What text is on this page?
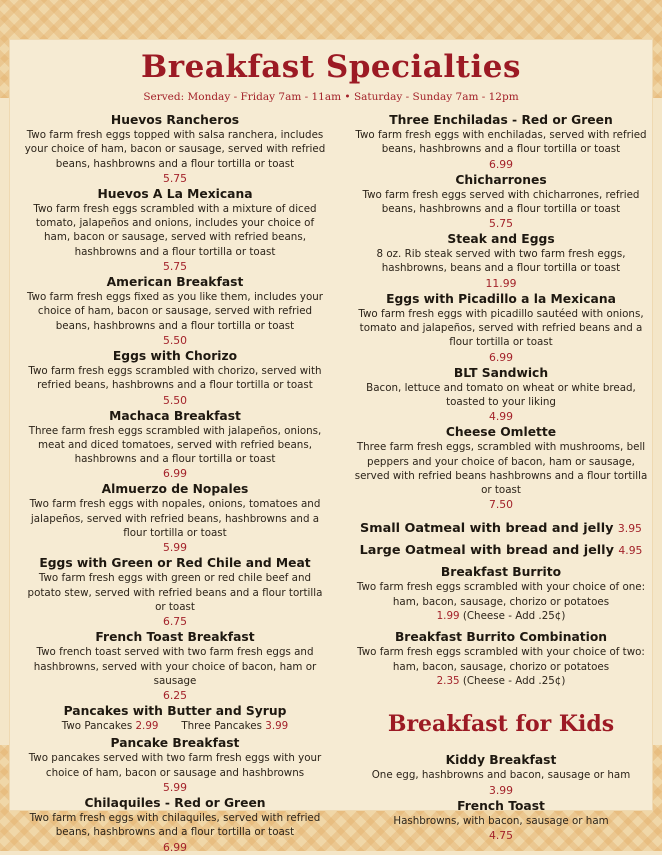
Breakfast Specialties
Served: Monday - Friday 7am - 11am • Saturday - Sunday 7am - 12pm
Huevos Rancheros
Two farm fresh eggs topped with salsa ranchera, includes your choice of ham, bacon or sausage, served with refried beans, hashbrowns and a flour tortilla or toast
5.75
Huevos A La Mexicana
Two farm fresh eggs scrambled with a mixture of diced tomato, jalapeños and onions, includes your choice of ham, bacon or sausage, served with refried beans, hashbrowns and a flour tortilla or toast
5.75
American Breakfast
Two farm fresh eggs fixed as you like them, includes your choice of ham, bacon or sausage, served with refried beans, hashbrowns and a flour tortilla or toast
5.50
Eggs with Chorizo
Two farm fresh eggs scrambled with chorizo, served with refried beans, hashbrowns and a flour tortilla or toast
5.50
Machaca Breakfast
Three farm fresh eggs scrambled with jalapeños, onions, meat and diced tomatoes, served with refried beans, hashbrowns and a flour tortilla or toast
6.99
Almuerzo de Nopales
Two farm fresh eggs with nopales, onions, tomatoes and jalapeños, served with refried beans, hashbrowns and a flour tortilla or toast
5.99
Eggs with Green or Red Chile and Meat
Two farm fresh eggs with green or red chile beef and potato stew, served with refried beans and a flour tortilla or toast
6.75
French Toast Breakfast
Two french toast served with two farm fresh eggs and hashbrowns, served with your choice of bacon, ham or sausage
6.25
Pancakes with Butter and Syrup
Two Pancakes 2.99 Three Pancakes 3.99
Pancake Breakfast
Two pancakes served with two farm fresh eggs with your choice of ham, bacon or sausage and hashbrowns
5.99
Chilaquiles - Red or Green
Two farm fresh eggs with chilaquiles, served with refried beans, hashbrowns and a flour tortilla or toast
6.99
Three Enchiladas - Red or Green
Two farm fresh eggs with enchiladas, served with refried beans, hashbrowns and a flour tortilla or toast
6.99
Chicharrones
Two farm fresh eggs served with chicharrones, refried beans, hashbrowns and a flour tortilla or toast
5.75
Steak and Eggs
8 oz. Rib steak served with two farm fresh eggs, hashbrowns, beans and a flour tortilla or toast
11.99
Eggs with Picadillo a la Mexicana
Two farm fresh eggs with picadillo sautéed with onions, tomato and jalapeños, served with refried beans and a flour tortilla or toast
6.99
BLT Sandwich
Bacon, lettuce and tomato on wheat or white bread, toasted to your liking
4.99
Cheese Omlette
Three farm fresh eggs, scrambled with mushrooms, bell peppers and your choice of bacon, ham or sausage, served with refried beans hashbrowns and a flour tortilla or toast
7.50
Small Oatmeal with bread and jelly 3.95
Large Oatmeal with bread and jelly 4.95
Breakfast Burrito
Two farm fresh eggs scrambled with your choice of one: ham, bacon, sausage, chorizo or potatoes
1.99 (Cheese - Add .25¢)
Breakfast Burrito Combination
Two farm fresh eggs scrambled with your choice of two: ham, bacon, sausage, chorizo or potatoes
2.35 (Cheese - Add .25¢)
Breakfast for Kids
Kiddy Breakfast
One egg, hashbrowns and bacon, sausage or ham
3.99
French Toast
Hashbrowns, with bacon, sausage or ham
4.75
